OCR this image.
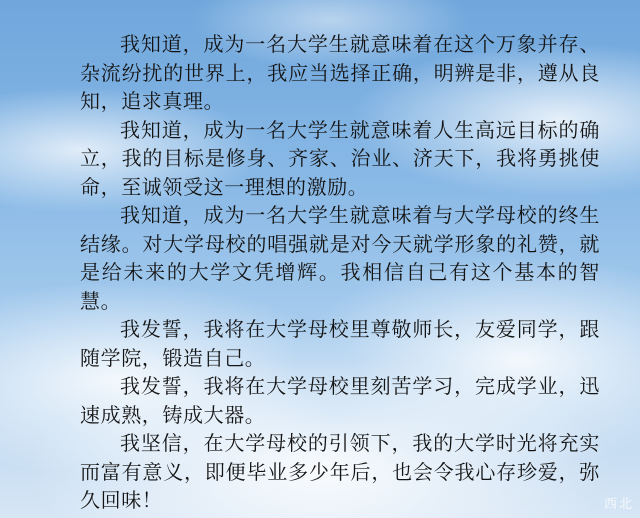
我知道，成为一名大学生就意味着在这个万象并存、杂流纷扰的世界上，我应当选择正确，明辨是非，遵从良知，追求真理。

我知道，成为一名大学生就意味着人生高远目标的确立，我的目标是修身、齐家、治业、济天下，我将勇挑使命，至诚领受这一理想的激励。

我知道，成为一名大学生就意味着与大学母校的终生结缘。对大学母校的唱强就是对今天就学形象的礼赞，就是给未来的大学文凭增辉。我相信自己有这个基本的智慧。

我发誓，我将在大学母校里尊敬师长，友爱同学，跟随学院，锻造自己。

我发誓，我将在大学母校里刻苦学习，完成学业，迅速成熟，铸成大器。

我坚信，在大学母校的引领下，我的大学时光将充实而富有意义，即便毕业多少年后，也会令我心存珍爱，弥久回味！	西北
